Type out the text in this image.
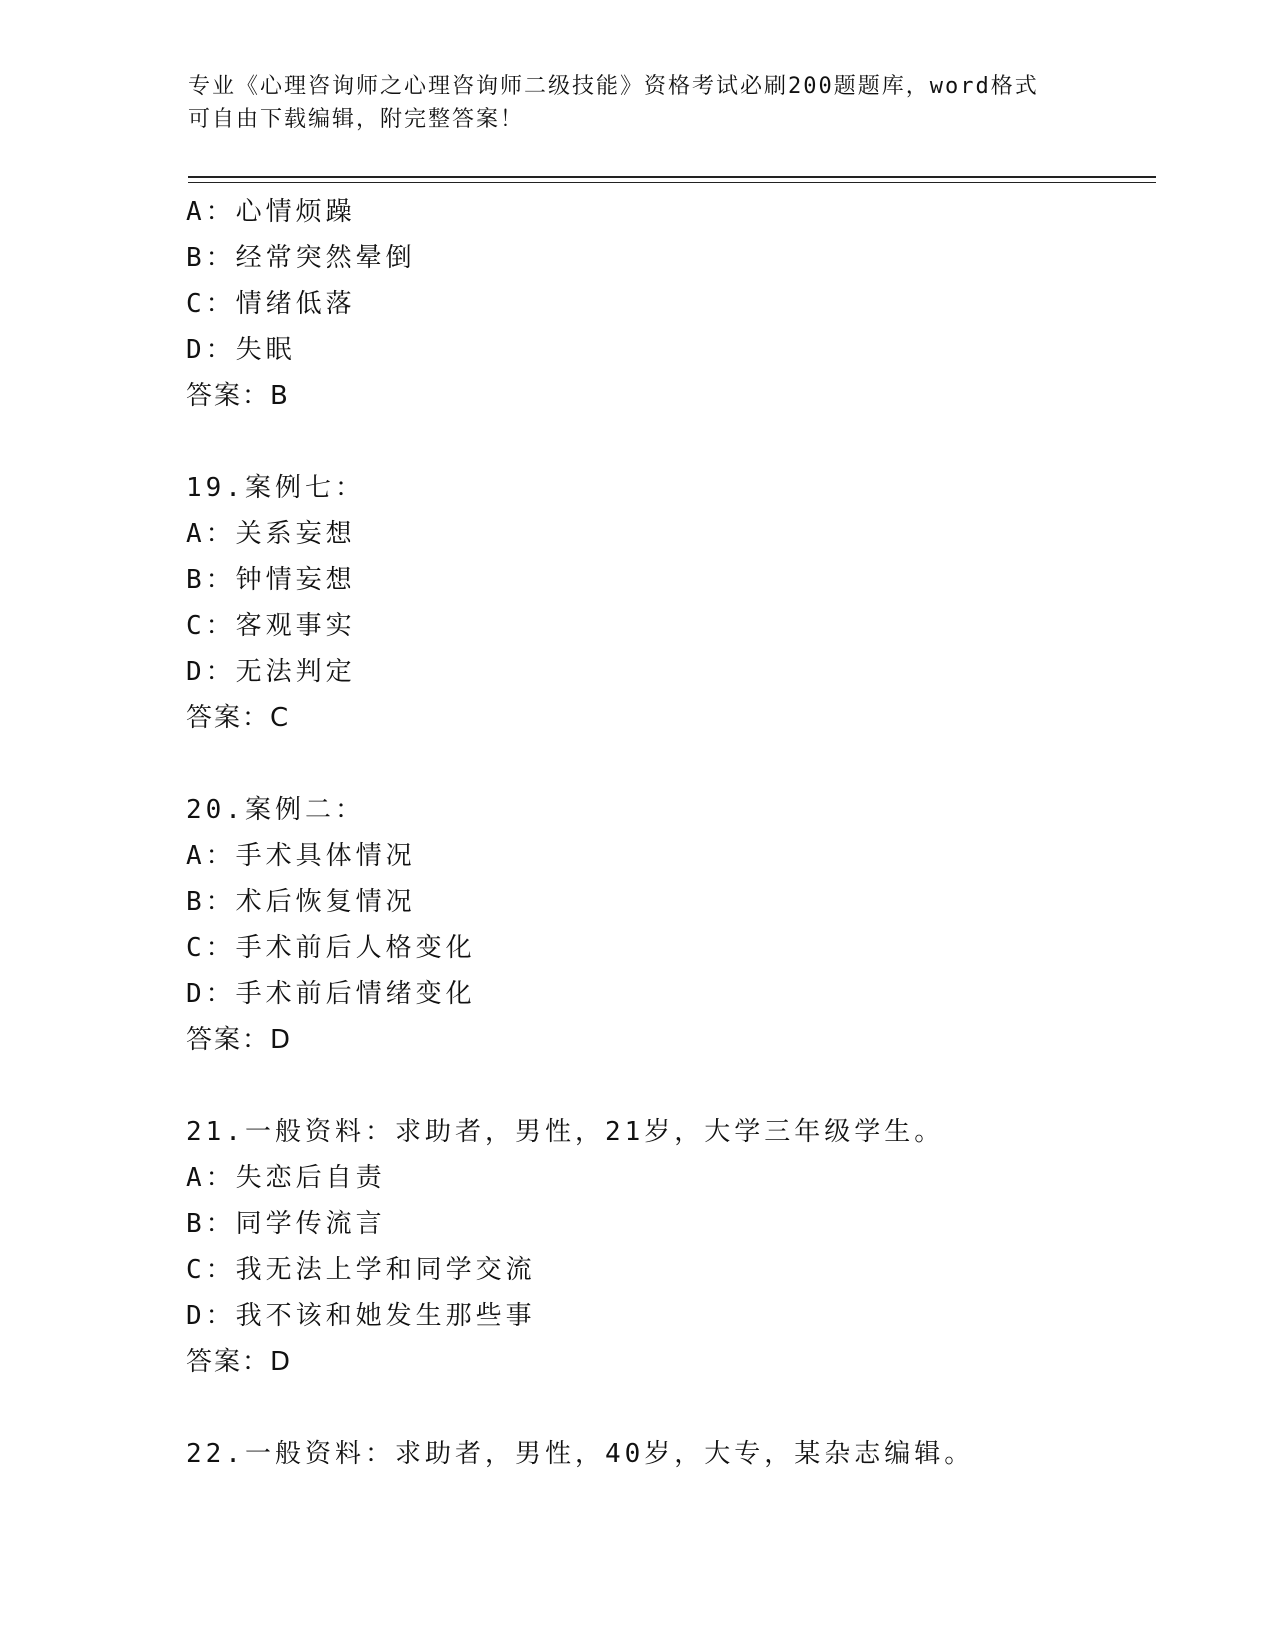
专业《心理咨询师之心理咨询师二级技能》资格考试必刷200题题库，word格式
可自由下载编辑，附完整答案！
A：心情烦躁
B：经常突然晕倒
C：情绪低落
D：失眠
答案：B
19.案例七：
A：关系妄想
B：钟情妄想
C：客观事实
D：无法判定
答案：C
20.案例二：
A：手术具体情况
B：术后恢复情况
C：手术前后人格变化
D：手术前后情绪变化
答案：D
21.一般资料：求助者，男性，21岁，大学三年级学生。
A：失恋后自责
B：同学传流言
C：我无法上学和同学交流
D：我不该和她发生那些事
答案：D
22.一般资料：求助者，男性，40岁，大专，某杂志编辑。
